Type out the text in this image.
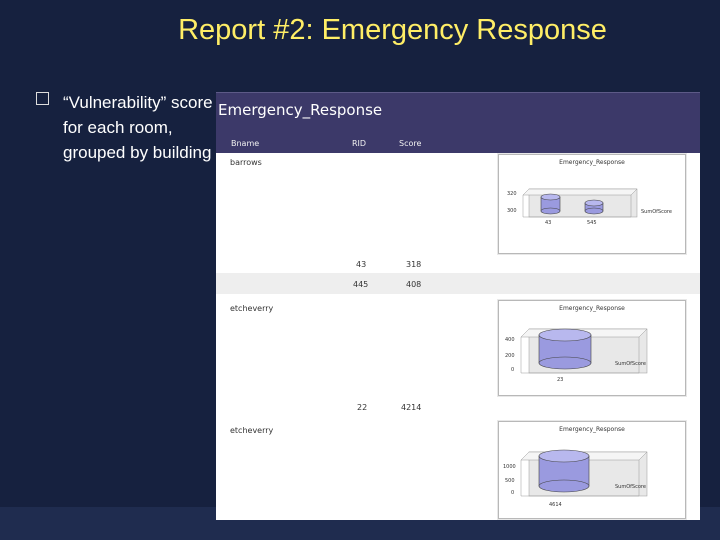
Report #2: Emergency Response
“Vulnerability” score for each room, grouped by building
Emergency_Response
Bname	RID	Score
barrows	Emergency_Response
320
300
43	545
SumOfScore
43	318
445	408
etcheverry	Emergency_Response
400
200
0
23
SumOfScore
22	4214
etcheverry	Emergency_Response
1000
500
0
4614
SumOfScore
